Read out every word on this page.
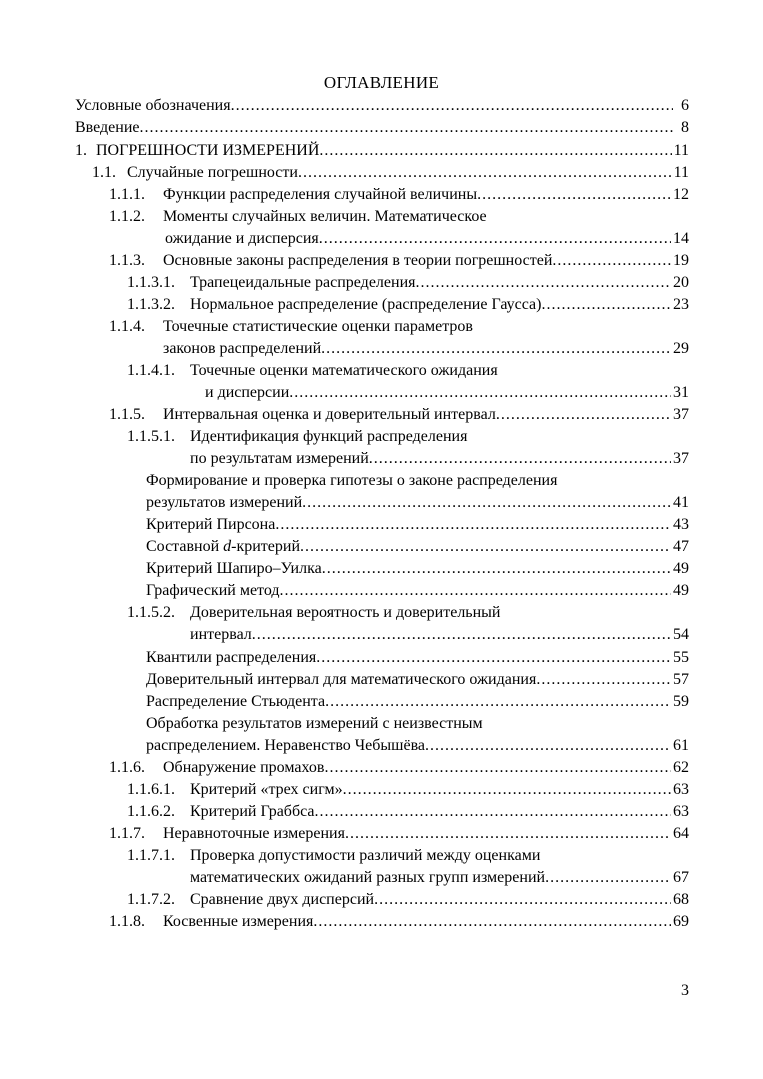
ОГЛАВЛЕНИЕ
Условные обозначения .....	6
Введение .....	8
1. ПОГРЕШНОСТИ ИЗМЕРЕНИЙ .....	11
1.1. Случайные погрешности .....	11
1.1.1.	Функции распределения случайной величины .....	12
1.1.2. Моменты случайных величин. Математическое
ожидание и дисперсия .....	14
1.1.3.	Основные законы распределения в теории погрешностей .....	19
1.1.3.1. Трапецеидальные распределения .....	20
1.1.3.2. Нормальное распределение (распределение Гаусса) .....	23
1.1.4. Точечные статистические оценки параметров
законов распределений .....	29
1.1.4.1. Точечные оценки математического ожидания
и дисперсии .....	31
1.1.5.	Интервальная оценка и доверительный интервал .....	37
1.1.5.1. Идентификация функций распределения
по результатам измерений .....	37
Формирование и проверка гипотезы о законе распределения
результатов измерений .....	41
Критерий Пирсона .....	43
Составной d-критерий .....	47
Критерий Шапиро–Уилка .....	49
Графический метод .....	49
1.1.5.2. Доверительная вероятность и доверительный
интервал .....	54
Квантили распределения .....	55
Доверительный интервал для математического ожидания .....	57
Распределение Стьюдента .....	59
Обработка результатов измерений с неизвестным
распределением. Неравенство Чебышёва .....	61
1.1.6.	Обнаружение промахов .....	62
1.1.6.1. Критерий «трех сигм» .....	63
1.1.6.2. Критерий Граббса .....	63
1.1.7.	Неравноточные измерения .....	64
1.1.7.1. Проверка допустимости различий между оценками
математических ожиданий разных групп измерений .....	67
1.1.7.2. Сравнение двух дисперсий .....	68
1.1.8.	Косвенные измерения .....	69
3
